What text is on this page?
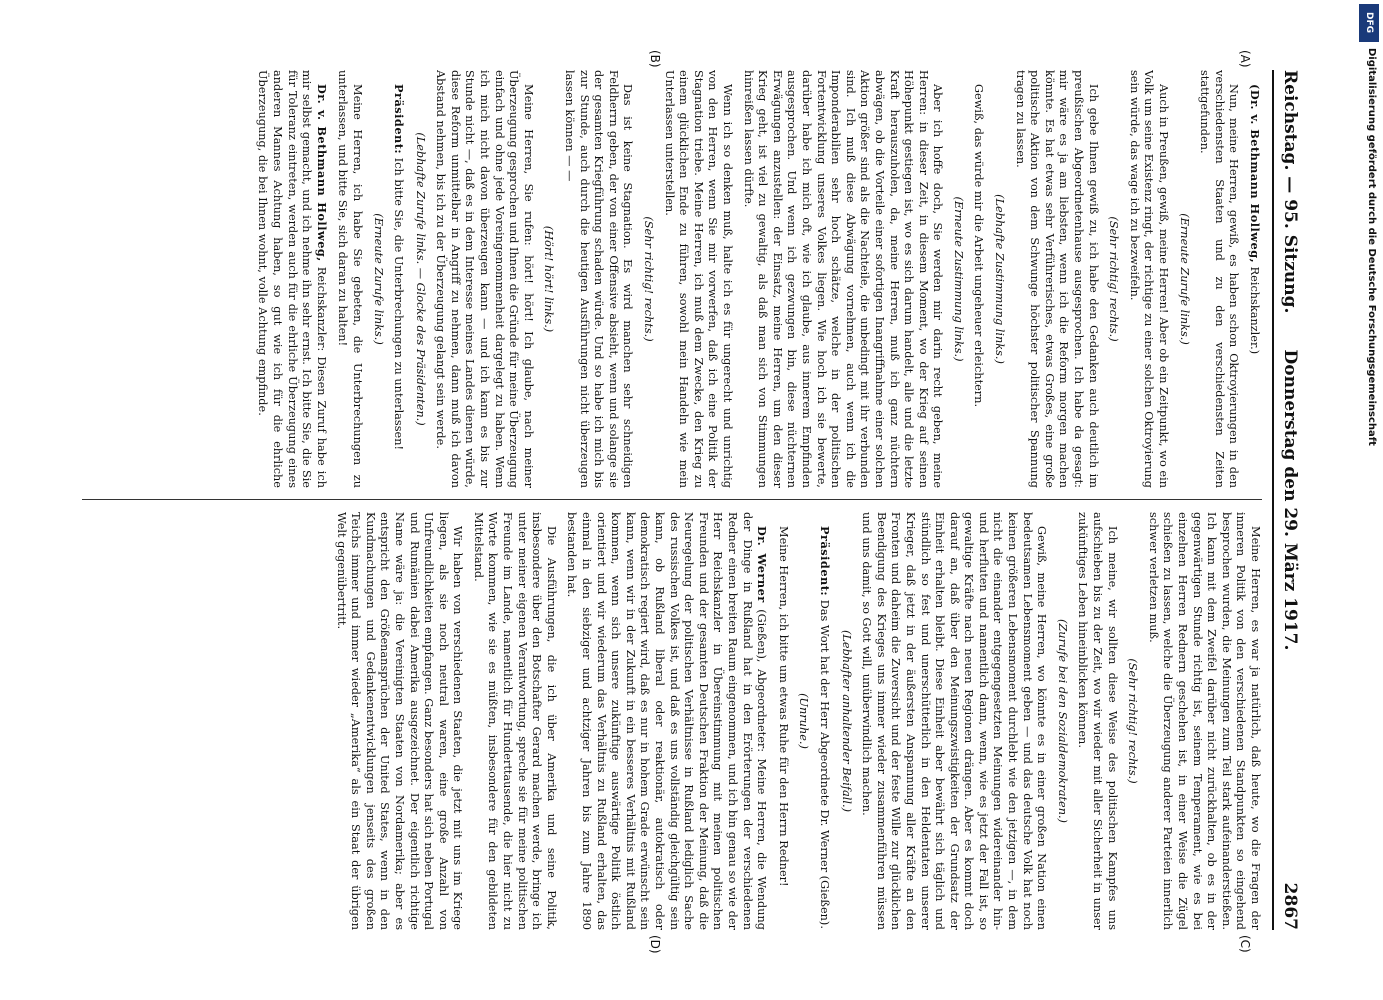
DFG
Digitalisierung gefördert durch die Deutsche Forschungsgemeinschaft
Reichstag. — 95. Sitzung.
Donnerstag den 29. März 1917.
2867
(A)
(B)
(C)
(D)

(Dr. v. Bethmann Hollweg, Reichskanzler.)

Nun, meine Herren, gewiß, es haben schon Oktroyierungen in den verschiedensten Staaten und zu den verschiedensten Zeiten stattgefunden.

(Erneute Zurufe links.)

Auch in Preußen, gewiß, meine Herren! Aber ob ein Zeitpunkt, wo ein Volk um seine Existenz ringt, der richtige zu einer solchen Oktroyierung sein würde, das wage ich zu bezweifeln.

(Sehr richtig! rechts.)

Ich gebe Ihnen gewiß zu, ich habe den Gedanken auch deutlich im preußischen Abgeordnetenhause ausgesprochen. Ich habe da gesagt: mir wäre es ja am liebsten, wenn ich die Reform morgen machen könnte. Es hat etwas sehr Verführerisches, etwas Großes, eine große politische Aktion von dem Schwunge höchster politischer Spannung tragen zu lassen.

(Lebhafte Zustimmung links.)

Gewiß, das würde mir die Arbeit ungeheuer erleichtern.

(Erneute Zustimmung links.)

Aber ich hoffe doch, Sie werden mir darin recht geben, meine Herren: in dieser Zeit, in diesem Moment, wo der Krieg auf seinen Höhepunkt gestiegen ist, wo es sich darum handelt, alle und die letzte Kraft herauszuholen, da, meine Herren, muß ich ganz nüchtern abwägen, ob die Vorteile einer sofortigen Inangriffnahme einer solchen Aktion größer sind als die Nachteile, die unbedingt mit ihr verbunden sind. Ich muß diese Abwägung vornehmen, auch wenn ich die Imponderabilien sehr hoch schätze, welche in der politischen Fortentwicklung unseres Volkes liegen. Wie hoch ich sie bewerte, darüber habe ich mich oft, wie ich glaube, aus innerem Empfinden ausgesprochen. Und wenn ich gezwungen bin, diese nüchternen Erwägungen anzustellen: der Einsatz, meine Herren, um den dieser Krieg geht, ist viel zu gewaltig, als daß man sich von Stimmungen hinreißen lassen dürfte.

Wenn ich so denken muß, halte ich es für ungerecht und unrichtig von den Herren, wenn Sie mir vorwerfen, daß ich eine Politik der Stagnation triebe. Meine Herren, ich muß dem Zwecke, den Krieg zu einem glücklichen Ende zu führen, sowohl mein Handeln wie mein Unterlassen unterstellen.

(Sehr richtig! rechts.)

Das ist keine Stagnation. Es wird manchen sehr schneidigen Feldherrn geben, der von einer Offensive absieht, wenn und solange sie der gesamten Kriegführung schaden würde. Und so habe ich mich bis zur Stunde, auch durch die heutigen Ausführungen nicht überzeugen lassen können — —

(Hört! hört! links.)

Meine Herren, Sie rufen: hört! hört! Ich glaube, nach meiner Überzeugung gesprochen und Ihnen die Gründe für meine Überzeugung einfach und ohne jede Voreingenommenheit dargelegt zu haben. Wenn ich mich nicht davon überzeugen kann — und ich kann es bis zur Stunde nicht —, daß es in dem Interesse meines Landes dienen würde, diese Reform unmittelbar in Angriff zu nehmen, dann muß ich davon Abstand nehmen, bis ich zu der Überzeugung gelangt sein werde.

(Lebhafte Zurufe links. — Glocke des Präsidenten.)

Präsident: Ich bitte Sie, die Unterbrechungen zu unterlassen!

(Erneute Zurufe links.)

Meine Herren, ich habe Sie gebeten, die Unterbrechungen zu unterlassen, und bitte Sie, sich daran zu halten!

Dr. v. Bethmann Hollweg, Reichskanzler: Diesen Zuruf habe ich mir selbst gemacht, und ich nehme ihn sehr ernst. Ich bitte Sie, die Sie für Toleranz eintreten, werden auch für die ehrliche Überzeugung eines anderen Mannes Achtung haben, so gut wie ich für die ehrliche Überzeugung, die bei Ihnen wohnt, volle Achtung empfinde.

Meine Herren, es war ja natürlich, daß heute, wo die Fragen der inneren Politik von den verschiedenen Standpunkten so eingehend besprochen wurden, die Meinungen zum Teil stark aufeinanderstießen. Ich kann mit dem Zweifel darüber nicht zurückhalten, ob es in der gegenwärtigen Stunde richtig ist, seinem Temperament, wie es bei einzelnen Herren Rednern geschehen ist, in einer Weise die Zügel schießen zu lassen, welche die Überzeugung anderer Parteien innerlich schwer verletzen muß.

(Sehr richtig! rechts.)

Ich meine, wir sollten diese Weise des politischen Kampfes uns aufschieben bis zu der Zeit, wo wir wieder mit aller Sicherheit in unser zukünftiges Leben hineinblicken können.

(Zurufe bei den Sozialdemokraten.)

Gewiß, meine Herren, wo könnte es in einer großen Nation einen bedeutsamen Lebensmoment geben — und das deutsche Volk hat noch keinen größeren Lebensmoment durchlebt wie den jetzigen —, in dem nicht die einander entgegengesetzten Meinungen widereinander hin- und herfluten und namentlich dann, wenn, wie es jetzt der Fall ist, so gewaltige Kräfte nach neuen Regionen drängen. Aber es kommt doch darauf an, daß über den Meinungszwistigkeiten der Grundsatz der Einheit erhalten bleibt. Diese Einheit aber bewährt sich täglich und stündlich so fest und unerschütterlich in den Heldentaten unserer Krieger, daß jetzt in der äußersten Anspannung aller Kräfte an den Fronten und daheim die Zuversicht und der feste Wille zur glücklichen Beendigung des Krieges uns immer wieder zusammenführen müssen und uns damit, so Gott will, unüberwindlich machen.

(Lebhafter anhaltender Beifall.)

Präsident: Das Wort hat der Herr Abgeordnete Dr. Werner (Gießen).

(Unruhe.)

Meine Herren, ich bitte um etwas Ruhe für den Herrn Redner!

Dr. Werner (Gießen), Abgeordneter: Meine Herren, die Wendung der Dinge in Rußland hat in den Erörterungen der verschiedenen Redner einen breiten Raum eingenommen, und ich bin genau so wie der Herr Reichskanzler in Übereinstimmung mit meinen politischen Freunden und der gesamten Deutschen Fraktion der Meinung, daß die Neuregelung der politischen Verhältnisse in Rußland lediglich Sache des russischen Volkes ist, und daß es uns vollständig gleichgültig sein kann, ob Rußland liberal oder reaktionär, autokratisch oder demokratisch regiert wird, daß es nur in hohem Grade erwünscht sein kann, wenn wir in der Zukunft in ein besseres Verhältnis mit Rußland kommen, wenn sich unsere zukünftige auswärtige Politik östlich orientiert und wir wiederum das Verhältnis zu Rußland erhalten, das einmal in den siebziger und achtziger Jahren bis zum Jahre 1890 bestanden hat.

Die Ausführungen, die ich über Amerika und seine Politik, insbesondere über den Botschafter Gerard machen werde, bringe ich unter meiner eigenen Verantwortung, spreche sie für meine politischen Freunde im Lande, namentlich für Hunderttausende, die hier nicht zu Worte kommen, wie sie es müßten, insbesondere für den gebildeten Mittelstand.

Wir haben von verschiedenen Staaten, die jetzt mit uns im Kriege liegen, als sie noch neutral waren, eine große Anzahl von Unfreundlichkeiten empfangen. Ganz besonders hat sich neben Portugal und Rumänien dabei Amerika ausgezeichnet. Der eigentlich richtige Name wäre ja: die Vereinigten Staaten von Nordamerika; aber es entspricht den Größenansprüchen der United States, wenn in den Kundmachungen und Gedankenentwicklungen jenseits des großen Teichs immer und immer wieder „Amerika“ als ein Staat der übrigen Welt gegenübertritt.
